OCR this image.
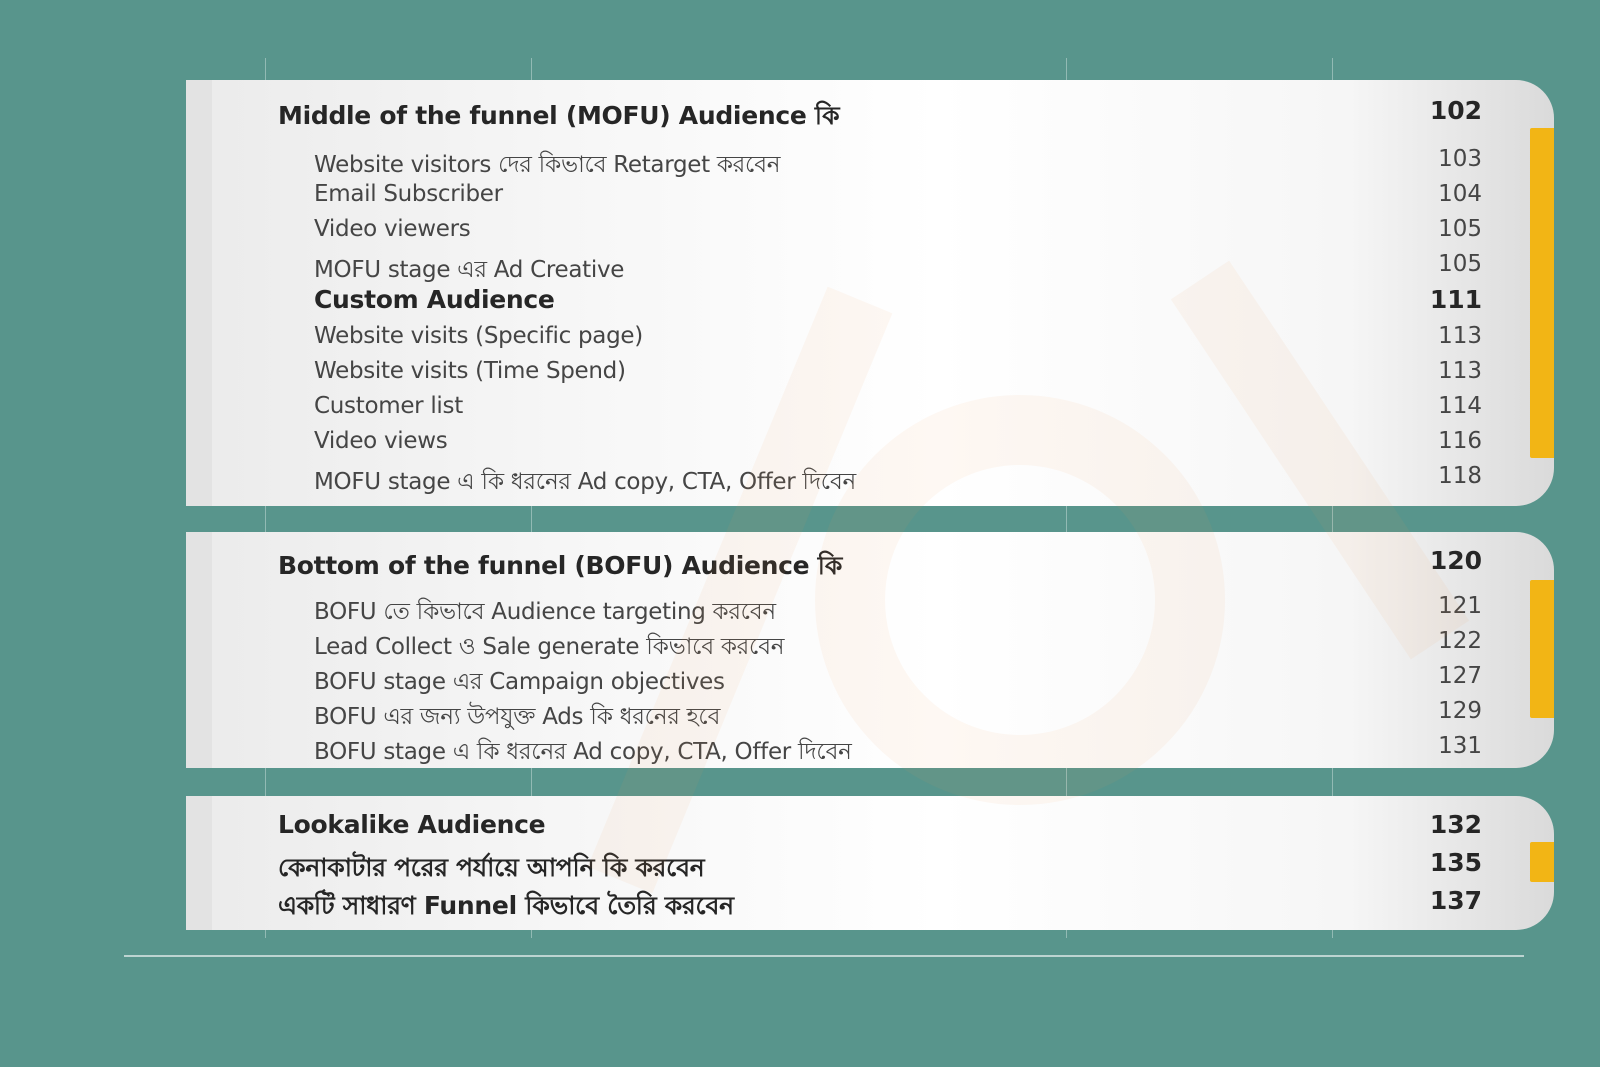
Middle of the funnel (MOFU) Audience কি	102
Website visitors দের কিভাবে Retarget করবেন	103
Email Subscriber	104
Video viewers	105
MOFU stage এর Ad Creative	105
Custom Audience	111
Website visits (Specific page)	113
Website visits (Time Spend)	113
Customer list	114
Video views	116
MOFU stage এ কি ধরনের Ad copy, CTA, Offer দিবেন	118
Bottom of the funnel (BOFU) Audience কি	120
BOFU তে কিভাবে Audience targeting করবেন	121
Lead Collect ও Sale generate কিভাবে করবেন	122
BOFU stage এর Campaign objectives	127
BOFU এর জন্য উপযুক্ত Ads কি ধরনের হবে	129
BOFU stage এ কি ধরনের Ad copy, CTA, Offer দিবেন	131
Lookalike Audience	132
কেনাকাটার পরের পর্যায়ে আপনি কি করবেন	135
একটি সাধারণ Funnel কিভাবে তৈরি করবেন	137
